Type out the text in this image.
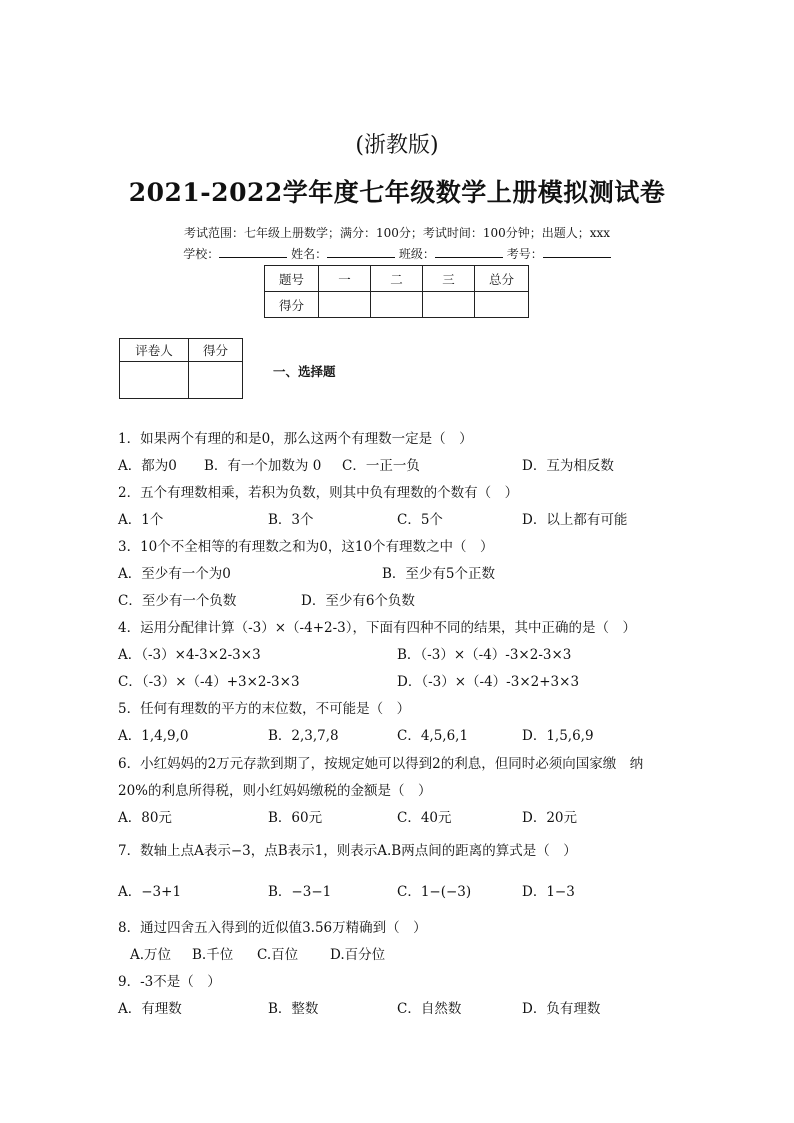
(浙教版)
2021-2022学年度七年级数学上册模拟测试卷
考试范围：七年级上册数学；满分：100分；考试时间：100分钟；出题人；xxx
学校：	姓名：	班级：	考号：
题号	一	二	三	总分
得分				
评卷人	得分

一、选择题
1．如果两个有理的和是0，那么这两个有理数一定是（　）
A．都为0 B．有一个加数为 0 C．一正一负	D．互为相反数
2．五个有理数相乘，若积为负数，则其中负有理数的个数有（　）
A．1个	B．3个	C．5个	D．以上都有可能
3．10个不全相等的有理数之和为0，这10个有理数之中（　）
A．至少有一个为0	B．至少有5个正数
C．至少有一个负数	D．至少有6个负数
4．运用分配律计算（-3）×（-4+2-3），下面有四种不同的结果，其中正确的是（　）
A．（-3）×4-3×2-3×3	B．（-3）×（-4）-3×2-3×3
C．（-3）×（-4）+3×2-3×3	D．（-3）×（-4）-3×2+3×3
5．任何有理数的平方的末位数，不可能是（　）
A．1,4,9,0	B．2,3,7,8	C．4,5,6,1	D．1,5,6,9
6．小红妈妈的2万元存款到期了，按规定她可以得到2的利息，但同时必须向国家缴　纳
20%的利息所得税，则小红妈妈缴税的金额是（　）
A．80元	B．60元	C．40元	D．20元
7．数轴上点A表示−3，点B表示1，则表示A.B两点间的距离的算式是（　）
A．−3+1	B．−3−1	C．1−(−3)	D．1−3
8．通过四舍五入得到的近似值3.56万精确到（　）
A.万位 B.千位 C.百位 D.百分位
9．-3不是（　）
A．有理数	B．整数	C．自然数	D．负有理数
